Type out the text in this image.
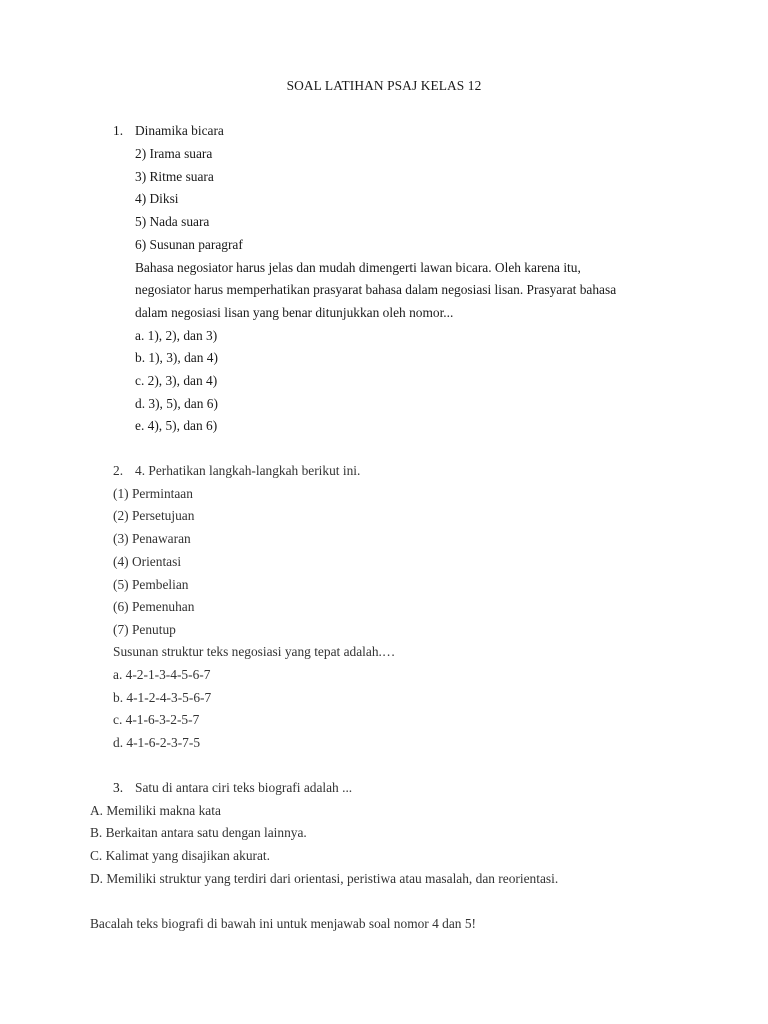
SOAL LATIHAN PSAJ KELAS 12
1. Dinamika bicara
2) Irama suara
3) Ritme suara
4) Diksi
5) Nada suara
6) Susunan paragraf
Bahasa negosiator harus jelas dan mudah dimengerti lawan bicara. Oleh karena itu,
negosiator harus memperhatikan prasyarat bahasa dalam negosiasi lisan. Prasyarat bahasa
dalam negosiasi lisan yang benar ditunjukkan oleh nomor...
a. 1), 2), dan 3)
b. 1), 3), dan 4)
c. 2), 3), dan 4)
d. 3), 5), dan 6)
e. 4), 5), dan 6)
2. 4. Perhatikan langkah-langkah berikut ini.
(1) Permintaan
(2) Persetujuan
(3) Penawaran
(4) Orientasi
(5) Pembelian
(6) Pemenuhan
(7) Penutup
Susunan struktur teks negosiasi yang tepat adalah.…
a. 4-2-1-3-4-5-6-7
b. 4-1-2-4-3-5-6-7
c. 4-1-6-3-2-5-7
d. 4-1-6-2-3-7-5
3. Satu di antara ciri teks biografi adalah ...
A. Memiliki makna kata
B. Berkaitan antara satu dengan lainnya.
C. Kalimat yang disajikan akurat.
D. Memiliki struktur yang terdiri dari orientasi, peristiwa atau masalah, dan reorientasi.
Bacalah teks biografi di bawah ini untuk menjawab soal nomor 4 dan 5!
